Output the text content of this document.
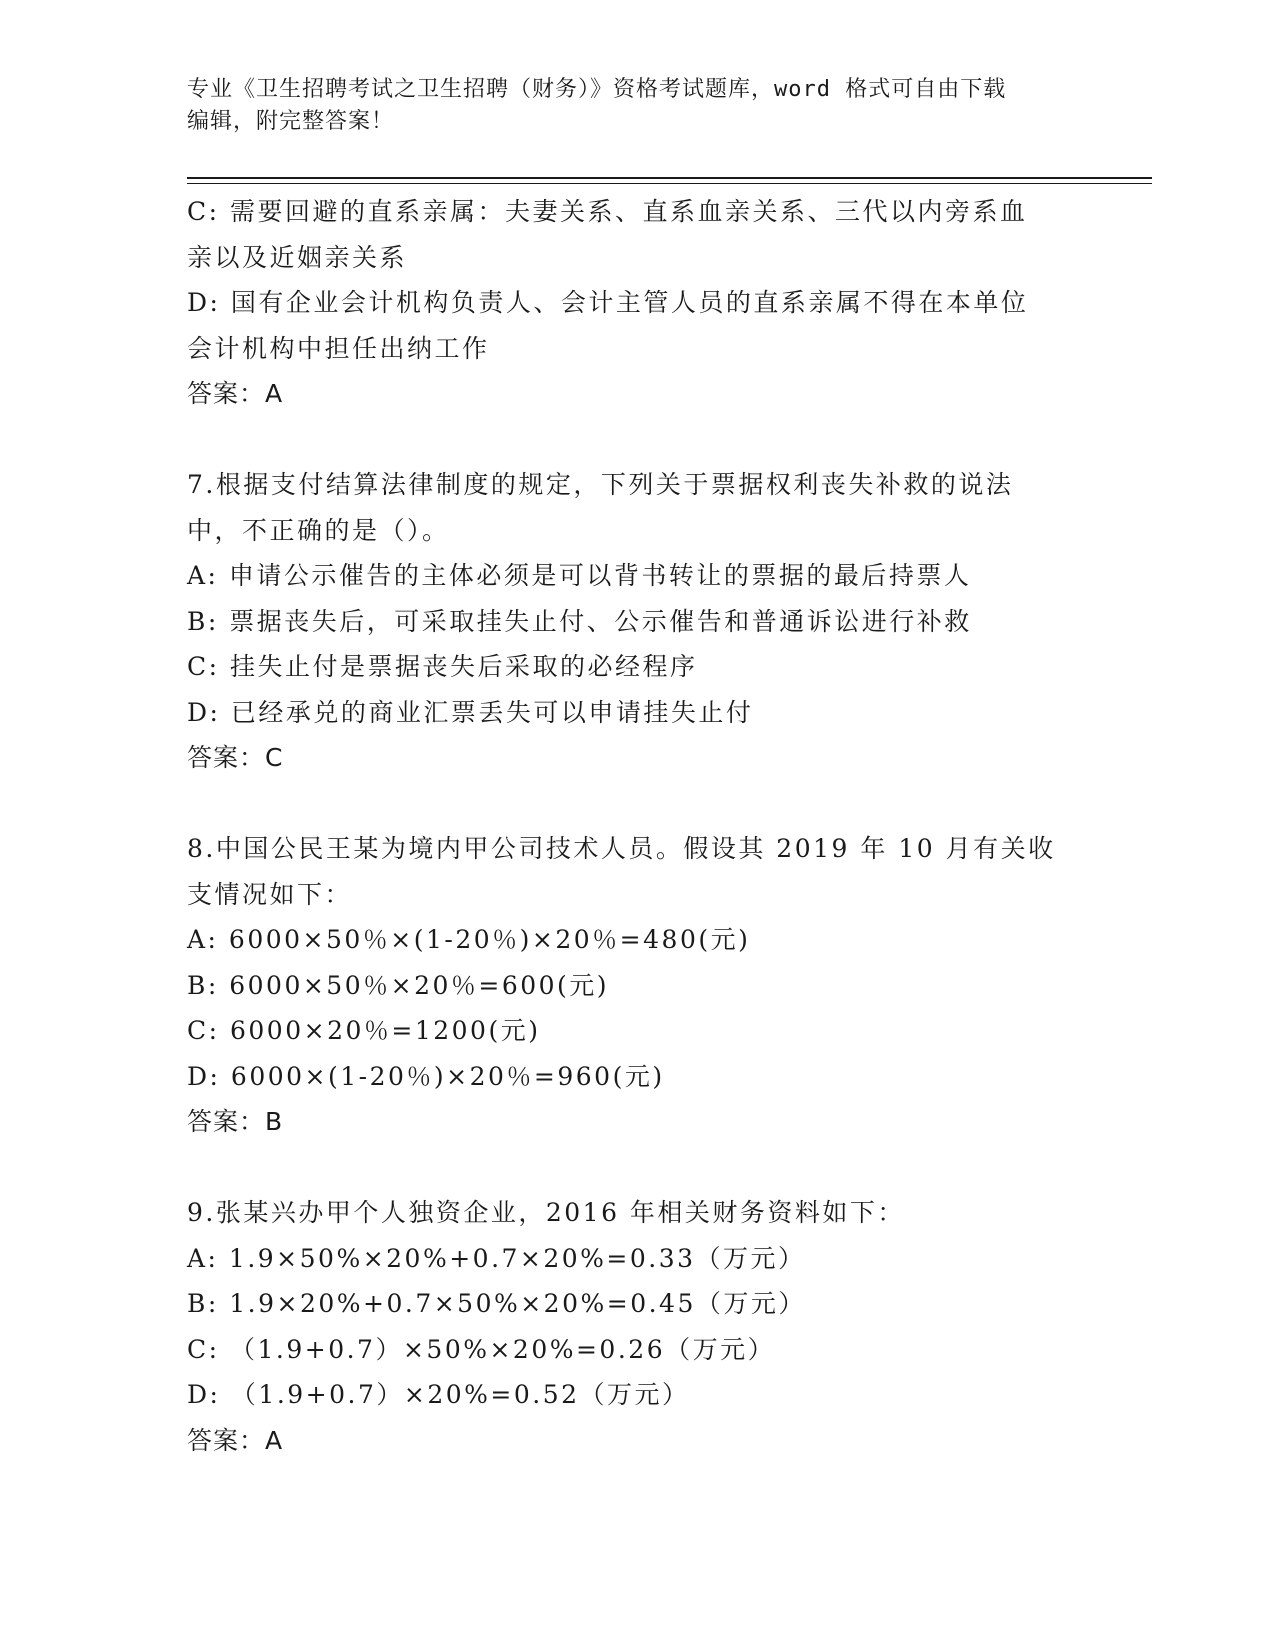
专业《卫生招聘考试之卫生招聘（财务）》资格考试题库，word 格式可自由下载
编辑，附完整答案！
C: 需要回避的直系亲属：夫妻关系、直系血亲关系、三代以内旁系血
亲以及近姻亲关系
D: 国有企业会计机构负责人、会计主管人员的直系亲属不得在本单位
会计机构中担任出纳工作
答案：A
7.根据支付结算法律制度的规定，下列关于票据权利丧失补救的说法
中，不正确的是（）。
A: 申请公示催告的主体必须是可以背书转让的票据的最后持票人
B: 票据丧失后，可采取挂失止付、公示催告和普通诉讼进行补救
C: 挂失止付是票据丧失后采取的必经程序
D: 已经承兑的商业汇票丢失可以申请挂失止付
答案：C
8.中国公民王某为境内甲公司技术人员。假设其 2019 年 10 月有关收
支情况如下：
A: 6000×50％×(1-20％)×20％=480(元)
B: 6000×50％×20％=600(元)
C: 6000×20％=1200(元)
D: 6000×(1-20％)×20％=960(元)
答案：B
9.张某兴办甲个人独资企业，2016 年相关财务资料如下：
A: 1.9×50%×20%+0.7×20%=0.33（万元）
B: 1.9×20%+0.7×50%×20%=0.45（万元）
C: （1.9+0.7）×50%×20%=0.26（万元）
D: （1.9+0.7）×20%=0.52（万元）
答案：A
